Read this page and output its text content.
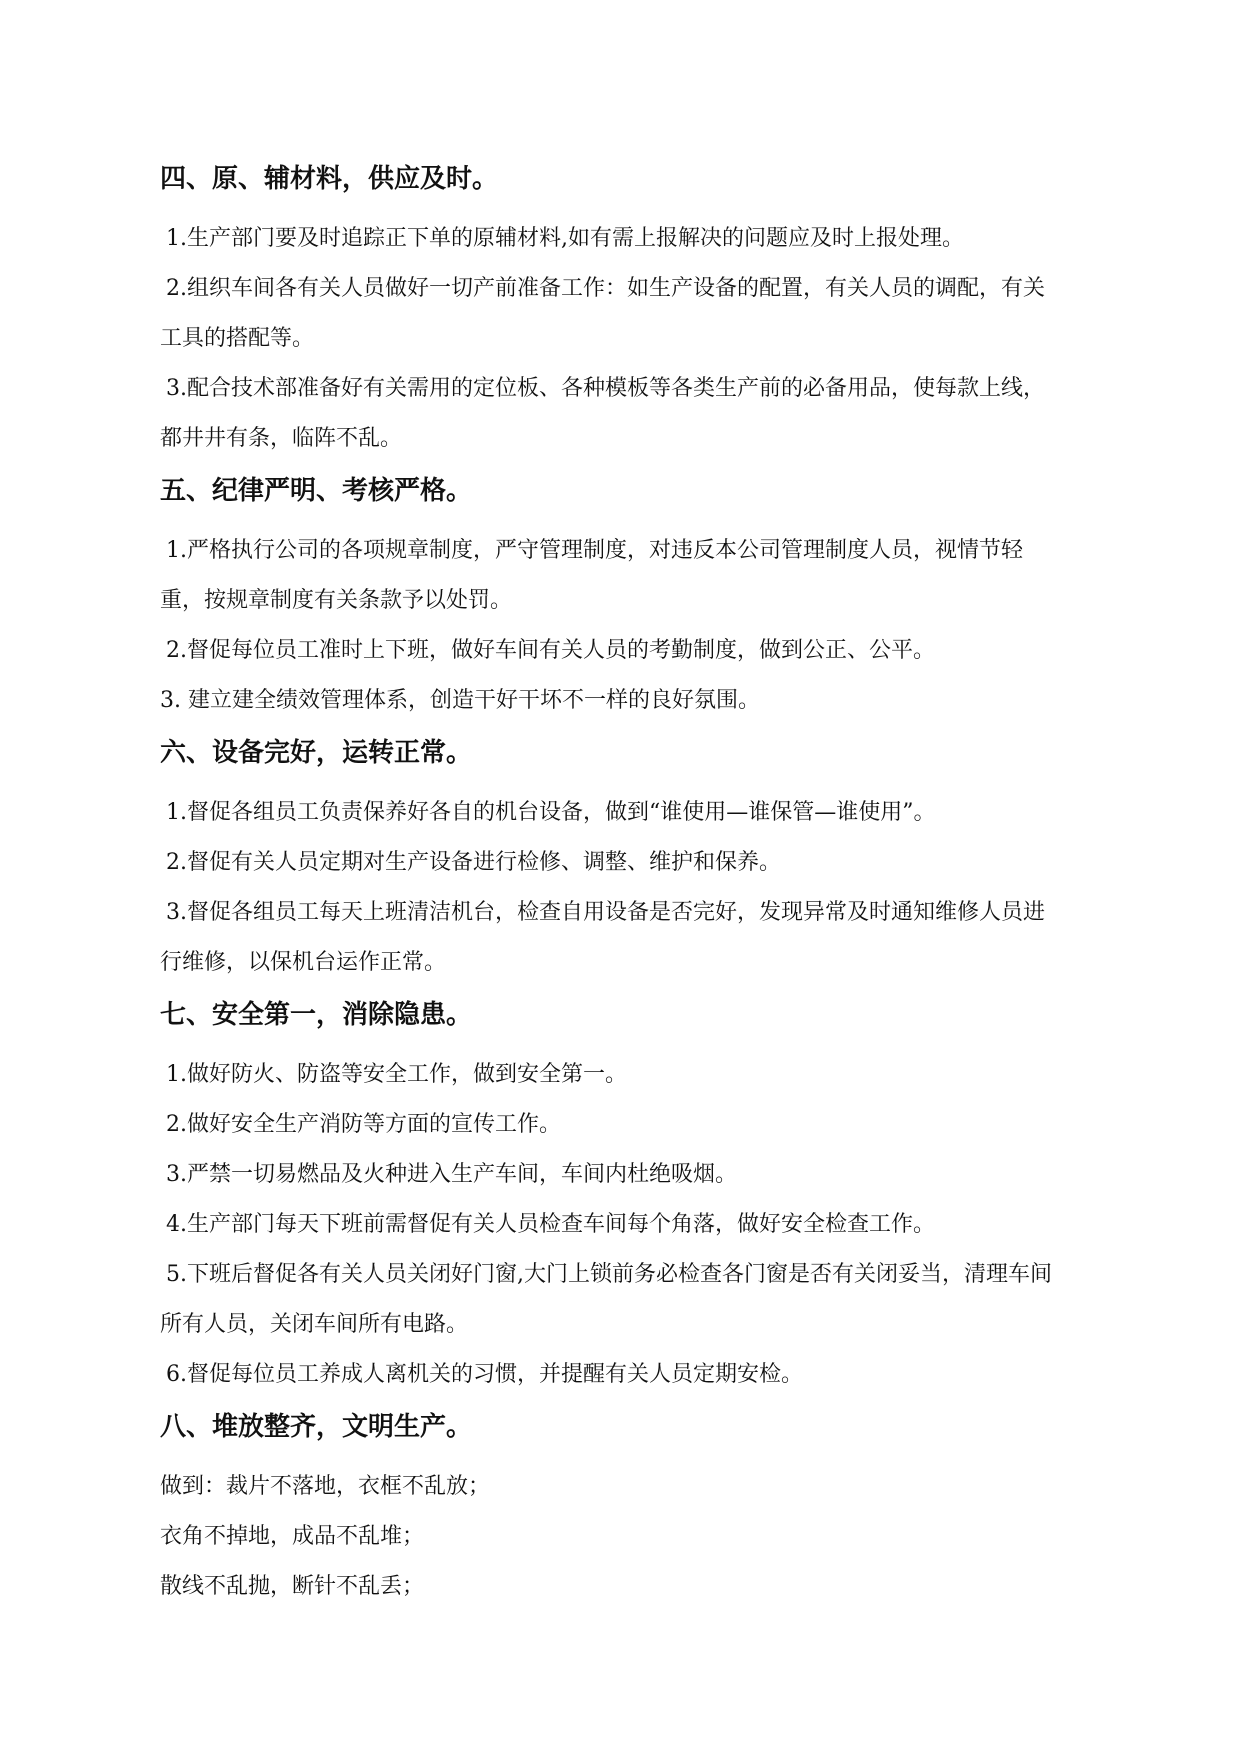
四、原、辅材料，供应及时。

1.生产部门要及时追踪正下单的原辅材料,如有需上报解决的问题应及时上报处理。

2.组织车间各有关人员做好一切产前准备工作：如生产设备的配置，有关人员的调配，有关工具的搭配等。

3.配合技术部准备好有关需用的定位板、各种模板等各类生产前的必备用品，使每款上线，都井井有条，临阵不乱。

五、纪律严明、考核严格。

1.严格执行公司的各项规章制度，严守管理制度，对违反本公司管理制度人员，视情节轻重，按规章制度有关条款予以处罚。

2.督促每位员工准时上下班，做好车间有关人员的考勤制度，做到公正、公平。

3. 建立建全绩效管理体系，创造干好干坏不一样的良好氛围。

六、设备完好，运转正常。

1.督促各组员工负责保养好各自的机台设备，做到“谁使用—谁保管—谁使用”。

2.督促有关人员定期对生产设备进行检修、调整、维护和保养。

3.督促各组员工每天上班清洁机台，检查自用设备是否完好，发现异常及时通知维修人员进行维修，以保机台运作正常。

七、安全第一，消除隐患。

1.做好防火、防盗等安全工作，做到安全第一。

2.做好安全生产消防等方面的宣传工作。

3.严禁一切易燃品及火种进入生产车间，车间内杜绝吸烟。

4.生产部门每天下班前需督促有关人员检查车间每个角落，做好安全检查工作。

5.下班后督促各有关人员关闭好门窗,大门上锁前务必检查各门窗是否有关闭妥当，清理车间所有人员，关闭车间所有电路。

6.督促每位员工养成人离机关的习惯，并提醒有关人员定期安检。

八、堆放整齐，文明生产。

做到：裁片不落地，衣框不乱放；

衣角不掉地，成品不乱堆；

散线不乱抛，断针不乱丢；
